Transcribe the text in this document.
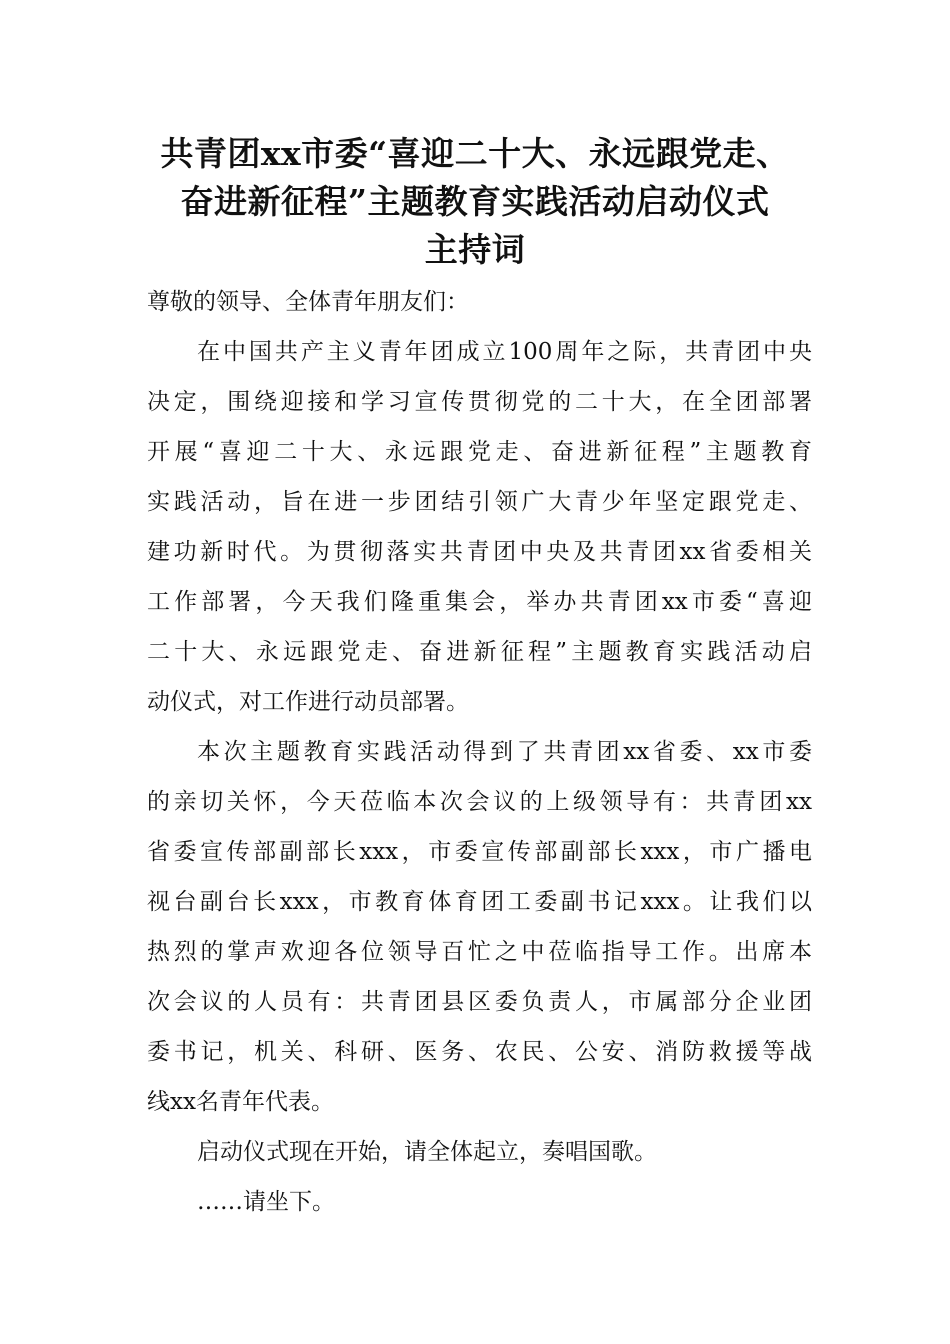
共青团xx市委“喜迎二十大、永远跟党走、
奋进新征程”主题教育实践活动启动仪式
主持词
尊敬的领导、全体青年朋友们：
在中国共产主义青年团成立100周年之际，共青团中央
决定，围绕迎接和学习宣传贯彻党的二十大，在全团部署
开展“喜迎二十大、永远跟党走、奋进新征程”主题教育
实践活动，旨在进一步团结引领广大青少年坚定跟党走、
建功新时代。为贯彻落实共青团中央及共青团xx省委相关
工作部署，今天我们隆重集会，举办共青团xx市委“喜迎
二十大、永远跟党走、奋进新征程”主题教育实践活动启
动仪式，对工作进行动员部署。
本次主题教育实践活动得到了共青团xx省委、xx市委
的亲切关怀，今天莅临本次会议的上级领导有：共青团xx
省委宣传部副部长xxx，市委宣传部副部长xxx，市广播电
视台副台长xxx，市教育体育团工委副书记xxx。让我们以
热烈的掌声欢迎各位领导百忙之中莅临指导工作。出席本
次会议的人员有：共青团县区委负责人，市属部分企业团
委书记，机关、科研、医务、农民、公安、消防救援等战
线xx名青年代表。
启动仪式现在开始，请全体起立，奏唱国歌。
……请坐下。
